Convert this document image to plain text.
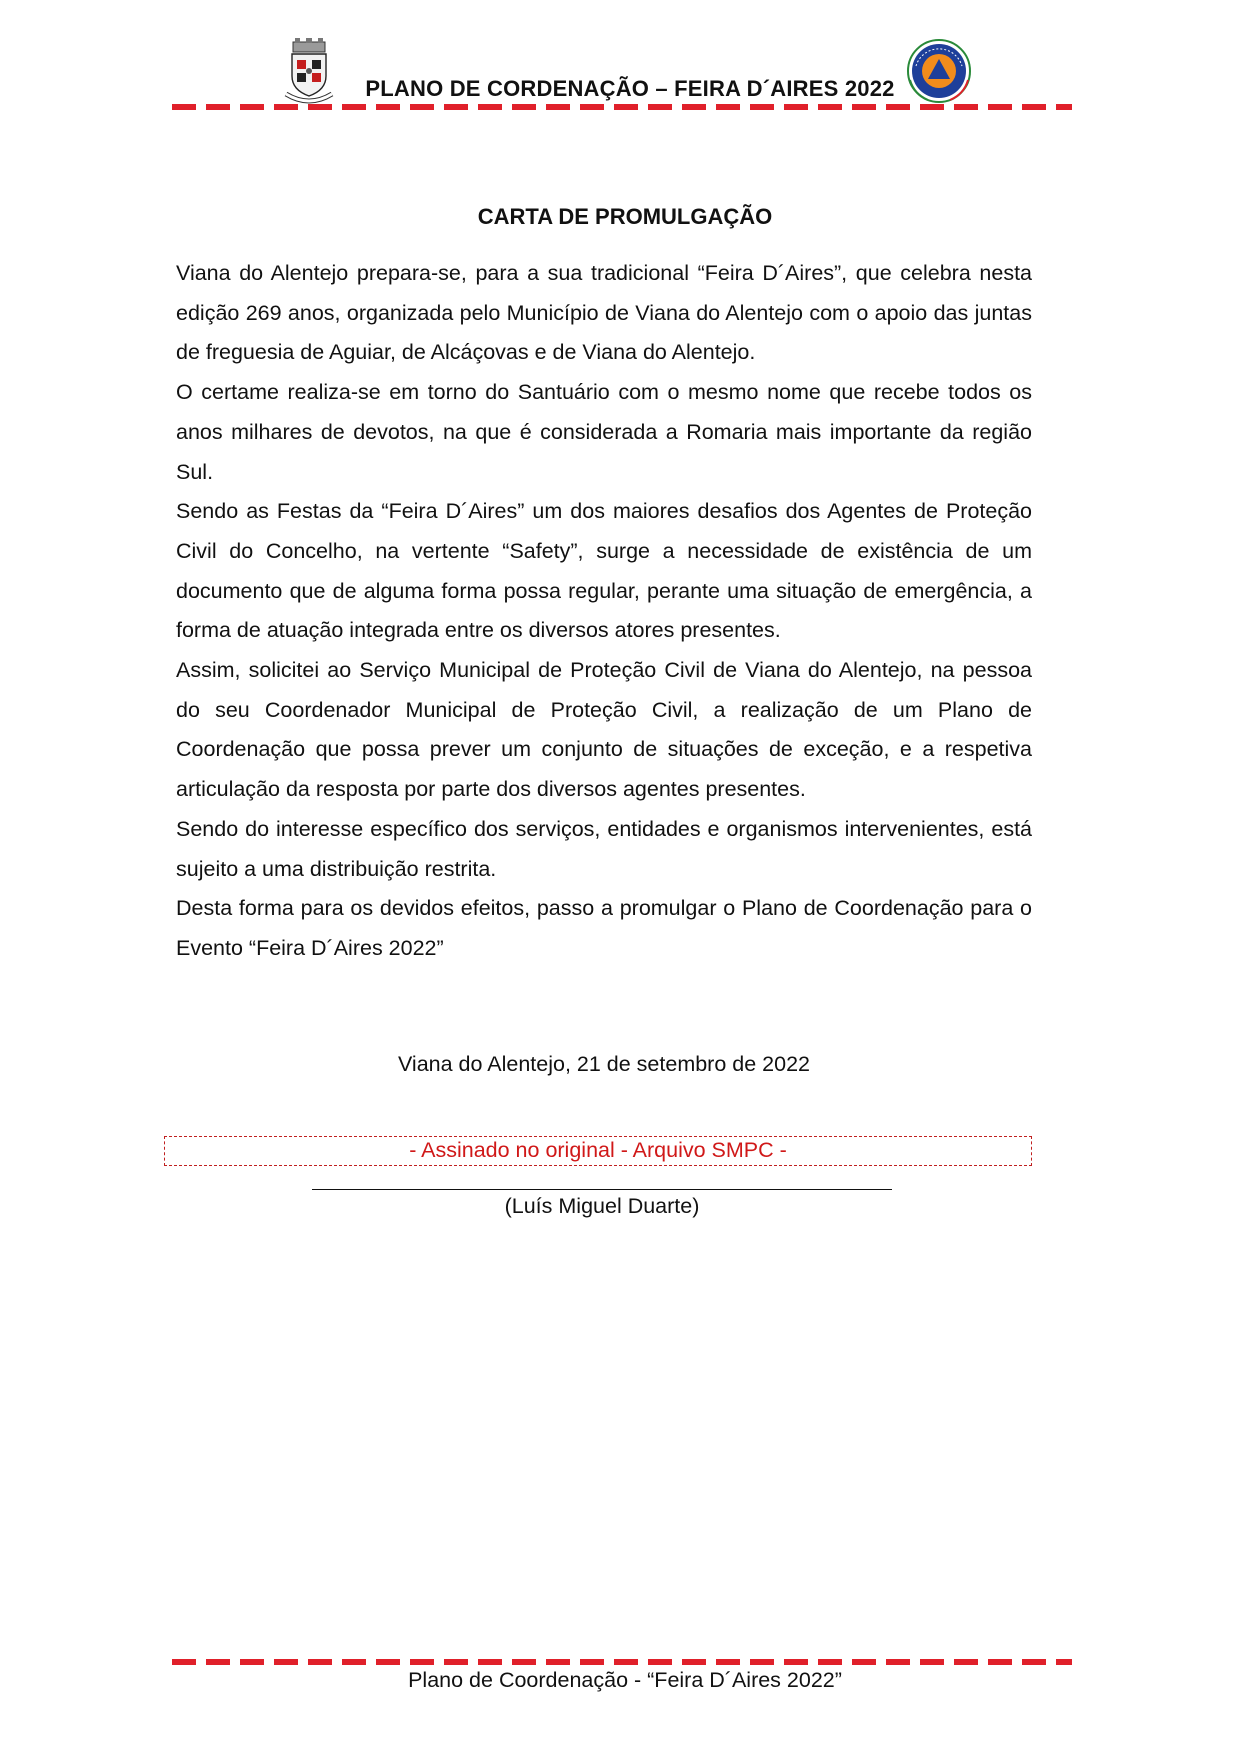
PLANO DE CORDENAÇÃO – FEIRA D´AIRES 2022
CARTA DE PROMULGAÇÃO

Viana do Alentejo prepara-se, para a sua tradicional “Feira D´Aires”, que celebra nesta edição 269 anos, organizada pelo Município de Viana do Alentejo com o apoio das juntas de freguesia de Aguiar, de Alcáçovas e de Viana do Alentejo.

O certame realiza-se em torno do Santuário com o mesmo nome que recebe todos os anos milhares de devotos, na que é considerada a Romaria mais importante da região Sul.

Sendo as Festas da “Feira D´Aires” um dos maiores desafios dos Agentes de Proteção Civil do Concelho, na vertente “Safety”, surge a necessidade de existência de um documento que de alguma forma possa regular, perante uma situação de emergência, a forma de atuação integrada entre os diversos atores presentes.

Assim, solicitei ao Serviço Municipal de Proteção Civil de Viana do Alentejo, na pessoa do seu Coordenador Municipal de Proteção Civil, a realização de um Plano de Coordenação que possa prever um conjunto de situações de exceção, e a respetiva articulação da resposta por parte dos diversos agentes presentes.

Sendo do interesse específico dos serviços, entidades e organismos intervenientes, está sujeito a uma distribuição restrita.

Desta forma para os devidos efeitos, passo a promulgar o Plano de Coordenação para o Evento “Feira D´Aires 2022”

Viana do Alentejo, 21 de setembro de 2022
- Assinado no original - Arquivo SMPC -
(Luís Miguel Duarte)
Plano de Coordenação - “Feira D´Aires 2022”
